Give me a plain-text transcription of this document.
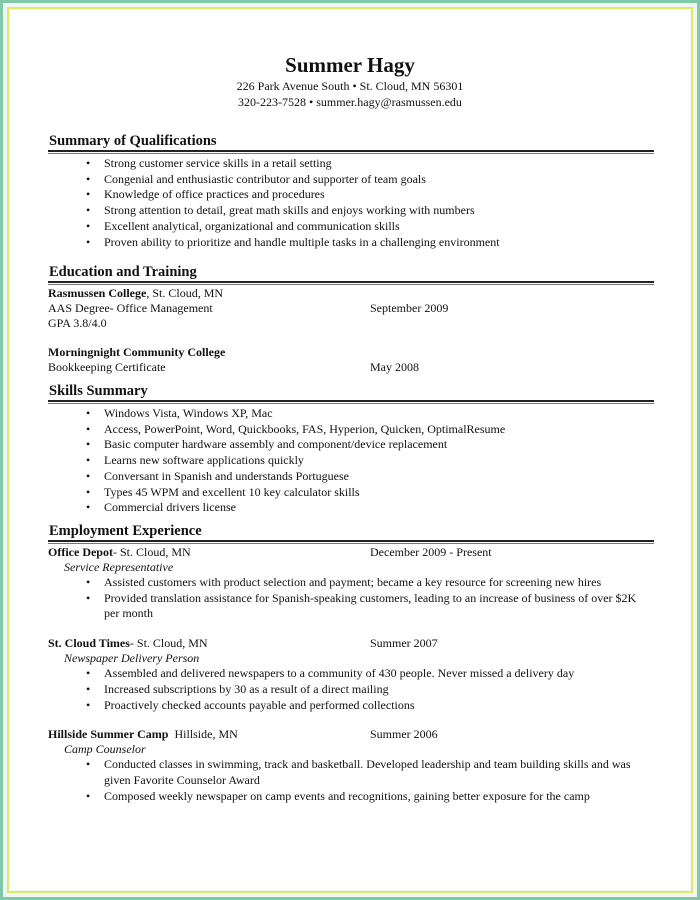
Summer Hagy
226 Park Avenue South • St. Cloud, MN 56301
320-223-7528 • summer.hagy@rasmussen.edu
Summary of Qualifications
• Strong customer service skills in a retail setting
• Congenial and enthusiastic contributor and supporter of team goals
• Knowledge of office practices and procedures
• Strong attention to detail, great math skills and enjoys working with numbers
• Excellent analytical, organizational and communication skills
• Proven ability to prioritize and handle multiple tasks in a challenging environment
Education and Training
Rasmussen College, St. Cloud, MN
AAS Degree- Office Management	September 2009
GPA 3.8/4.0
Morningnight Community College
Bookkeeping Certificate	May 2008
Skills Summary
• Windows Vista, Windows XP, Mac
• Access, PowerPoint, Word, Quickbooks, FAS, Hyperion, Quicken, OptimalResume
• Basic computer hardware assembly and component/device replacement
• Learns new software applications quickly
• Conversant in Spanish and understands Portuguese
• Types 45 WPM and excellent 10 key calculator skills
• Commercial drivers license
Employment Experience
Office Depot- St. Cloud, MN	December 2009 - Present
Service Representative
• Assisted customers with product selection and payment; became a key resource for screening new hires
• Provided translation assistance for Spanish-speaking customers, leading to an increase of business of over $2K per month
St. Cloud Times- St. Cloud, MN	Summer 2007
Newspaper Delivery Person
• Assembled and delivered newspapers to a community of 430 people. Never missed a delivery day
• Increased subscriptions by 30 as a result of a direct mailing
• Proactively checked accounts payable and performed collections
Hillside Summer Camp  Hillside, MN	Summer 2006
Camp Counselor
• Conducted classes in swimming, track and basketball. Developed leadership and team building skills and was given Favorite Counselor Award
• Composed weekly newspaper on camp events and recognitions, gaining better exposure for the camp
